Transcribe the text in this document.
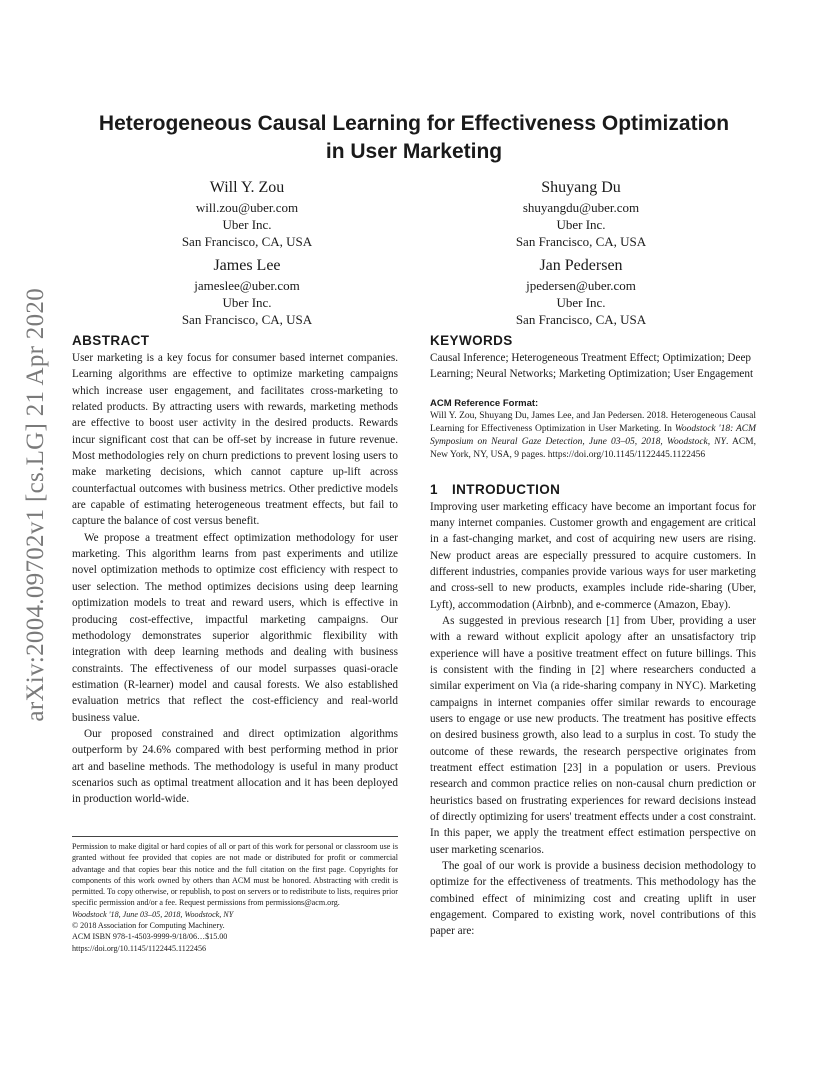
arXiv:2004.09702v1 [cs.LG] 21 Apr 2020
Heterogeneous Causal Learning for Effectiveness Optimization
in User Marketing
Will Y. Zou
will.zou@uber.com
Uber Inc.
San Francisco, CA, USA
Shuyang Du
shuyangdu@uber.com
Uber Inc.
San Francisco, CA, USA
James Lee
jameslee@uber.com
Uber Inc.
San Francisco, CA, USA
Jan Pedersen
jpedersen@uber.com
Uber Inc.
San Francisco, CA, USA
ABSTRACT

User marketing is a key focus for consumer based internet companies. Learning algorithms are effective to optimize marketing campaigns which increase user engagement, and facilitates cross-marketing to related products. By attracting users with rewards, marketing methods are effective to boost user activity in the desired products. Rewards incur significant cost that can be off-set by increase in future revenue. Most methodologies rely on churn predictions to prevent losing users to make marketing decisions, which cannot capture up-lift across counterfactual outcomes with business metrics. Other predictive models are capable of estimating heterogeneous treatment effects, but fail to capture the balance of cost versus benefit.

We propose a treatment effect optimization methodology for user marketing. This algorithm learns from past experiments and utilize novel optimization methods to optimize cost efficiency with respect to user selection. The method optimizes decisions using deep learning optimization models to treat and reward users, which is effective in producing cost-effective, impactful marketing campaigns. Our methodology demonstrates superior algorithmic flexibility with integration with deep learning methods and dealing with business constraints. The effectiveness of our model surpasses quasi-oracle estimation (R-learner) model and causal forests. We also established evaluation metrics that reflect the cost-efficiency and real-world business value.

Our proposed constrained and direct optimization algorithms outperform by 24.6% compared with best performing method in prior art and baseline methods. The methodology is useful in many product scenarios such as optimal treatment allocation and it has been deployed in production world-wide.

Permission to make digital or hard copies of all or part of this work for personal or classroom use is granted without fee provided that copies are not made or distributed for profit or commercial advantage and that copies bear this notice and the full citation on the first page. Copyrights for components of this work owned by others than ACM must be honored. Abstracting with credit is permitted. To copy otherwise, or republish, to post on servers or to redistribute to lists, requires prior specific permission and/or a fee. Request permissions from permissions@acm.org.

Woodstock '18, June 03–05, 2018, Woodstock, NY
© 2018 Association for Computing Machinery.
ACM ISBN 978-1-4503-9999-9/18/06…$15.00
https://doi.org/10.1145/1122445.1122456
KEYWORDS

Causal Inference; Heterogeneous Treatment Effect; Optimization; Deep Learning; Neural Networks; Marketing Optimization; User Engagement

ACM Reference Format:
Will Y. Zou, Shuyang Du, James Lee, and Jan Pedersen. 2018. Heterogeneous Causal Learning for Effectiveness Optimization in User Marketing. In Woodstock '18: ACM Symposium on Neural Gaze Detection, June 03–05, 2018, Woodstock, NY. ACM, New York, NY, USA, 9 pages. https://doi.org/10.1145/1122445.1122456
1 INTRODUCTION

Improving user marketing efficacy have become an important focus for many internet companies. Customer growth and engagement are critical in a fast-changing market, and cost of acquiring new users are rising. New product areas are especially pressured to acquire customers. In different industries, companies provide various ways for user marketing and cross-sell to new products, examples include ride-sharing (Uber, Lyft), accommodation (Airbnb), and e-commerce (Amazon, Ebay).

As suggested in previous research [1] from Uber, providing a user with a reward without explicit apology after an unsatisfactory trip experience will have a positive treatment effect on future billings. This is consistent with the finding in [2] where researchers conducted a similar experiment on Via (a ride-sharing company in NYC). Marketing campaigns in internet companies offer similar rewards to encourage users to engage or use new products. The treatment has positive effects on desired business growth, also lead to a surplus in cost. To study the outcome of these rewards, the research perspective originates from treatment effect estimation [23] in a population or users. Previous research and common practice relies on non-causal churn prediction or heuristics based on frustrating experiences for reward decisions instead of directly optimizing for users' treatment effects under a cost constraint. In this paper, we apply the treatment effect estimation perspective on user marketing scenarios.

The goal of our work is provide a business decision methodology to optimize for the effectiveness of treatments. This methodology has the combined effect of minimizing cost and creating uplift in user engagement. Compared to existing work, novel contributions of this paper are:
